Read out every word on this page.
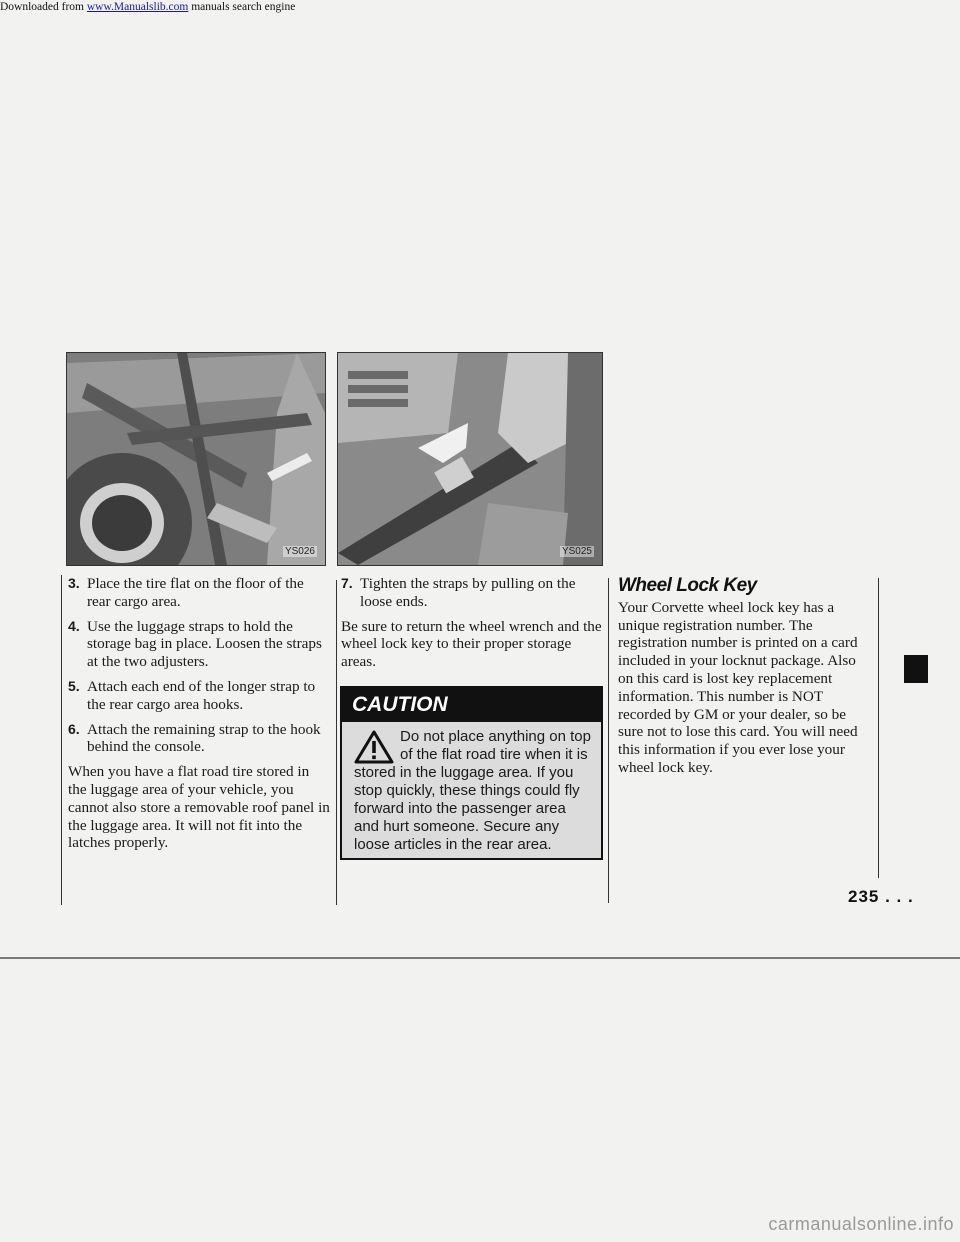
Downloaded from www.Manualslib.com manuals search engine
YS026	YS025
3. Place the tire flat on the floor of the rear cargo area.
4. Use the luggage straps to hold the storage bag in place. Loosen the straps at the two adjusters.
5. Attach each end of the longer strap to the rear cargo area hooks.
6. Attach the remaining strap to the hook behind the console.

When you have a flat road tire stored in the luggage area of your vehicle, you cannot also store a removable roof panel in the luggage area. It will not fit into the latches properly.

7. Tighten the straps by pulling on the loose ends.

Be sure to return the wheel wrench and the wheel lock key to their proper storage areas.

CAUTION
Do not place anything on top of the flat road tire when it is stored in the luggage area. If you stop quickly, these things could fly forward into the passenger area and hurt someone. Secure any loose articles in the rear area.
Wheel Lock Key

Your Corvette wheel lock key has a unique registration number. The registration number is printed on a card included in your locknut package. Also on this card is lost key replacement information. This number is NOT recorded by GM or your dealer, so be sure not to lose this card. You will need this information if you ever lose your wheel lock key.

235 . . .
carmanualsonline.info
